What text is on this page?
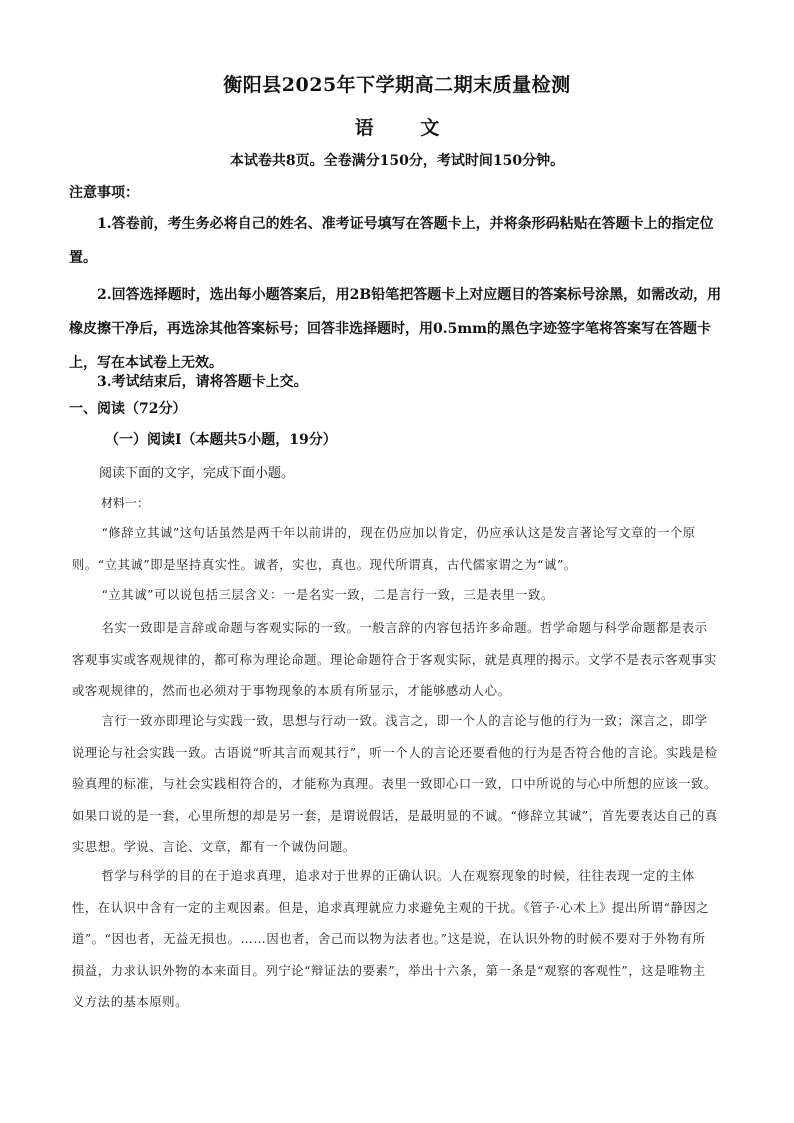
衡阳县2025年下学期高二期末质量检测
语 文
本试卷共8页。全卷满分150分，考试时间150分钟。
注意事项：

1.答卷前，考生务必将自己的姓名、准考证号填写在答题卡上，并将条形码粘贴在答题卡上的指定位置。

2.回答选择题时，选出每小题答案后，用2B铅笔把答题卡上对应题目的答案标号涂黑，如需改动，用橡皮擦干净后，再选涂其他答案标号；回答非选择题时，用0.5mm的黑色字迹签字笔将答案写在答题卡上，写在本试卷上无效。

3.考试结束后，请将答题卡上交。

一、阅读（72分）
（一）阅读Ⅰ（本题共5小题，19分）
阅读下面的文字，完成下面小题。
材料一：

“修辞立其诚”这句话虽然是两千年以前讲的，现在仍应加以肯定，仍应承认这是发言著论写文章的一个原则。“立其诚”即是坚持真实性。诚者，实也，真也。现代所谓真，古代儒家谓之为“诚”。

“立其诚”可以说包括三层含义：一是名实一致，二是言行一致，三是表里一致。

名实一致即是言辞或命题与客观实际的一致。一般言辞的内容包括许多命题。哲学命题与科学命题都是表示客观事实或客观规律的，都可称为理论命题。理论命题符合于客观实际，就是真理的揭示。文学不是表示客观事实或客观规律的，然而也必须对于事物现象的本质有所显示，才能够感动人心。

言行一致亦即理论与实践一致，思想与行动一致。浅言之，即一个人的言论与他的行为一致；深言之，即学说理论与社会实践一致。古语说“听其言而观其行”，听一个人的言论还要看他的行为是否符合他的言论。实践是检验真理的标准，与社会实践相符合的，才能称为真理。表里一致即心口一致，口中所说的与心中所想的应该一致。如果口说的是一套，心里所想的却是另一套，是谓说假话，是最明显的不诚。“修辞立其诚”，首先要表达自己的真实思想。学说、言论、文章，都有一个诚伪问题。

哲学与科学的目的在于追求真理，追求对于世界的正确认识。人在观察现象的时候，往往表现一定的主体性，在认识中含有一定的主观因素。但是，追求真理就应力求避免主观的干扰。《管子·心术上》提出所谓“静因之道”。“因也者，无益无损也。……因也者，舍己而以物为法者也。”这是说，在认识外物的时候不要对于外物有所损益，力求认识外物的本来面目。列宁论“辩证法的要素”，举出十六条，第一条是“观察的客观性”，这是唯物主义方法的基本原则。
